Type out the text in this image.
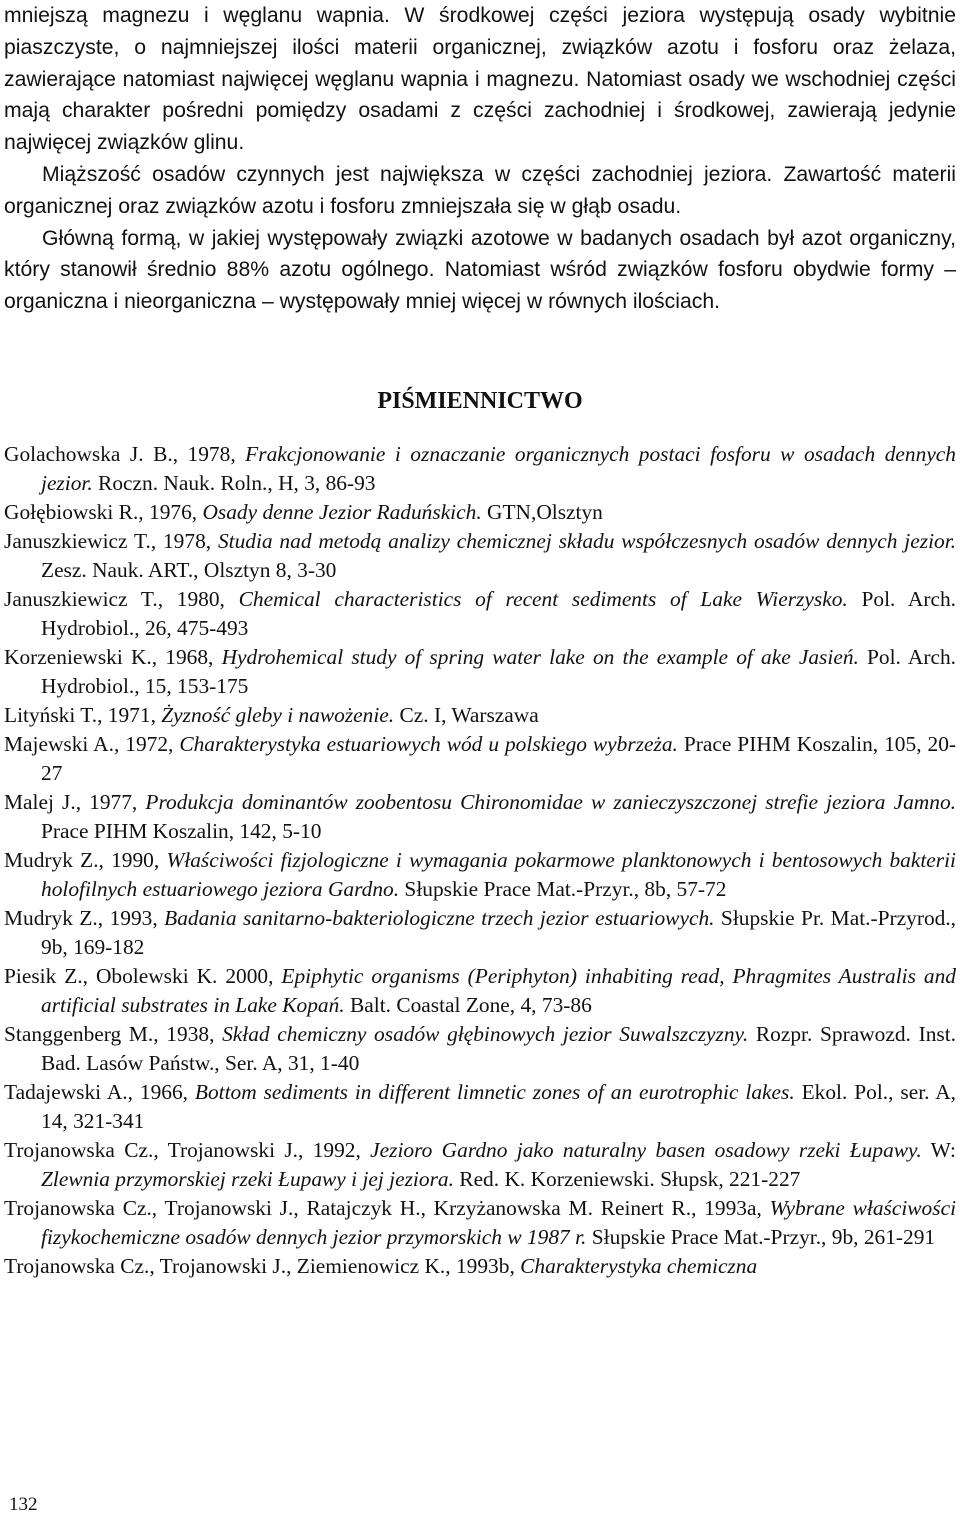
mniejszą magnezu i węglanu wapnia. W środkowej części jeziora występują osady wybitnie piaszczyste, o najmniejszej ilości materii organicznej, związków azotu i fosforu oraz żelaza, zawierające natomiast najwięcej węglanu wapnia i magnezu. Natomiast osady we wschodniej części mają charakter pośredni pomiędzy osadami z części zachodniej i środkowej, zawierają jedynie najwięcej związków glinu.

Miąższość osadów czynnych jest największa w części zachodniej jeziora. Zawartość materii organicznej oraz związków azotu i fosforu zmniejszała się w głąb osadu.

Główną formą, w jakiej występowały związki azotowe w badanych osadach był azot organiczny, który stanowił średnio 88% azotu ogólnego. Natomiast wśród związków fosforu obydwie formy – organiczna i nieorganiczna – występowały mniej więcej w równych ilościach.

PIŚMIENNICTWO

Golachowska J. B., 1978, Frakcjonowanie i oznaczanie organicznych postaci fosforu w osadach dennych jezior. Roczn. Nauk. Roln., H, 3, 86-93

Gołębiowski R., 1976, Osady denne Jezior Raduńskich. GTN,Olsztyn

Januszkiewicz T., 1978, Studia nad metodą analizy chemicznej składu współczesnych osadów dennych jezior. Zesz. Nauk. ART., Olsztyn 8, 3-30

Januszkiewicz T., 1980, Chemical characteristics of recent sediments of Lake Wierzysko. Pol. Arch. Hydrobiol., 26, 475-493

Korzeniewski K., 1968, Hydrohemical study of spring water lake on the example of ake Jasień. Pol. Arch. Hydrobiol., 15, 153-175

Lityński T., 1971, Żyzność gleby i nawożenie. Cz. I, Warszawa

Majewski A., 1972, Charakterystyka estuariowych wód u polskiego wybrzeża. Prace PIHM Koszalin, 105, 20-27

Malej J., 1977, Produkcja dominantów zoobentosu Chironomidae w zanieczyszczonej strefie jeziora Jamno. Prace PIHM Koszalin, 142, 5-10

Mudryk Z., 1990, Właściwości fizjologiczne i wymagania pokarmowe planktonowych i bentosowych bakterii holofilnych estuariowego jeziora Gardno. Słupskie Prace Mat.-Przyr., 8b, 57-72

Mudryk Z., 1993, Badania sanitarno-bakteriologiczne trzech jezior estuariowych. Słupskie Pr. Mat.-Przyrod., 9b, 169-182

Piesik Z., Obolewski K. 2000, Epiphytic organisms (Periphyton) inhabiting read, Phragmites Australis and artificial substrates in Lake Kopań. Balt. Coastal Zone, 4, 73-86

Stanggenberg M., 1938, Skład chemiczny osadów głębinowych jezior Suwalszczyzny. Rozpr. Sprawozd. Inst. Bad. Lasów Państw., Ser. A, 31, 1-40

Tadajewski A., 1966, Bottom sediments in different limnetic zones of an eurotrophic lakes. Ekol. Pol., ser. A, 14, 321-341

Trojanowska Cz., Trojanowski J., 1992, Jezioro Gardno jako naturalny basen osadowy rzeki Łupawy. W: Zlewnia przymorskiej rzeki Łupawy i jej jeziora. Red. K. Korzeniewski. Słupsk, 221-227

Trojanowska Cz., Trojanowski J., Ratajczyk H., Krzyżanowska M. Reinert R., 1993a, Wybrane właściwości fizykochemiczne osadów dennych jezior przymorskich w 1987 r. Słupskie Prace Mat.-Przyr., 9b, 261-291

Trojanowska Cz., Trojanowski J., Ziemienowicz K., 1993b, Charakterystyka chemiczna

132
